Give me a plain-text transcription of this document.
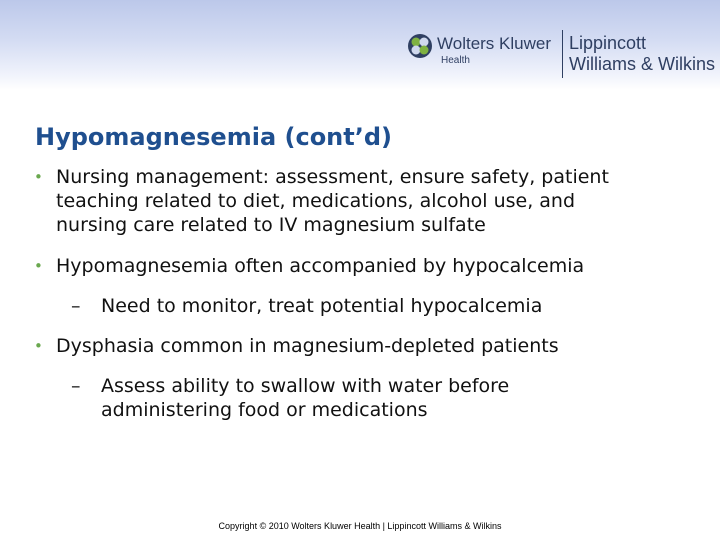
Wolters Kluwer
Health
Lippincott
Williams & Wilkins
Hypomagnesemia (cont’d)
• Nursing management: assessment, ensure safety, patient
teaching related to diet, medications, alcohol use, and
nursing care related to IV magnesium sulfate
• Hypomagnesemia often accompanied by hypocalcemia
– Need to monitor, treat potential hypocalcemia
• Dysphasia common in magnesium-depleted patients
– Assess ability to swallow with water before
administering food or medications
Copyright © 2010 Wolters Kluwer Health | Lippincott Williams & Wilkins
